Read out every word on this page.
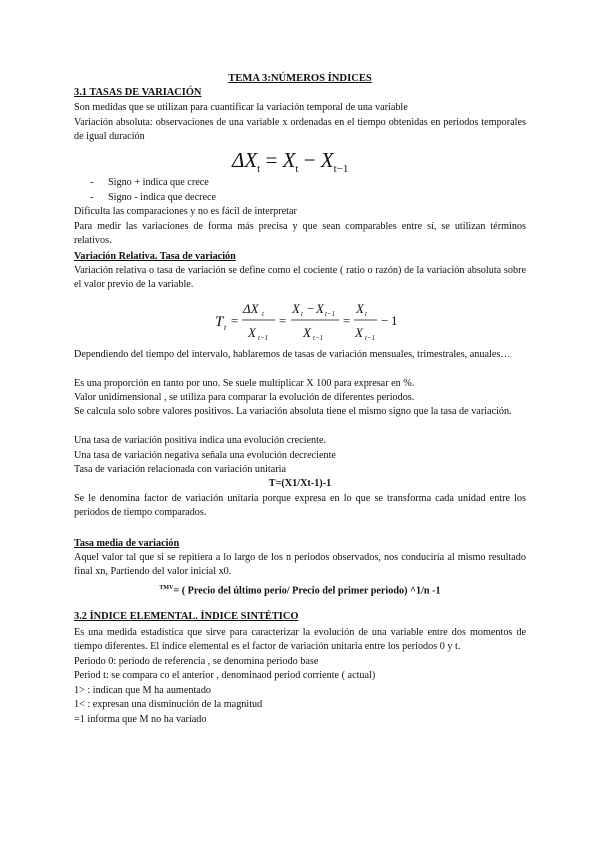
TEMA 3:NÚMEROS ÍNDICES
3.1 TASAS DE VARIACIÓN
Son medidas que se utilizan para cuantificar la variación temporal de una variable
Variación absoluta: observaciones de una variable x ordenadas en el tiempo obtenidas en periodos temporales de igual duración
$\Delta X_t = X_t - X_{t-1}$
- Signo + indica que crece
- Signo - indica que decrece
Dificulta las comparaciones y no es fácil de interpretar
Para medir las variaciones de forma más precisa y que sean comparables entre sí, se utilizan términos relativos.
Variación Relativa. Tasa de variación
Variación relativa o tasa de variación se define como el cociente ( ratio o razón) de la variación absoluta sobre el valor previo de la variable.
T t =
ΔX t
X t−1
=
X t − X t−1
X t−1
=
X t
X t−1
− 1
Dependiendo del tiempo del intervalo, hablaremos de tasas de variación mensuales, trimestrales, anuales…
Es una proporción en tanto por uno. Se suele multiplicar X 100 para expresar en %.
Valor unidimensional , se utiliza para comparar la evolución de diferentes periodos.
Se calcula solo sobre valores positivos. La variación absoluta tiene el mismo signo que la tasa de variación.
Una tasa de variación positiva indica una evolución creciente.
Una tasa de variación negativa señala una evolución decreciente
Tasa de variación relacionada con variación unitaria
T=(X1/Xt-1)-1
Se le denomina factor de variación unitaria porque expresa en lo que se transforma cada unidad entre los periodos de tiempo comparados.
Tasa media de variación
Aquel valor tal que si se repitiera a lo largo de los n periodos observados, nos conduciría al mismo resultado final xn, Partiendo del valor inicial x0.
$^{TMV}$= ( Precio del último perio/ Precio del primer periodo) ^1/n -1
3.2 ÍNDICE ELEMENTAL. ÍNDICE SINTÉTICO
Es una medida estadística que sirve para caracterizar la evolución de una variable entre dos momentos de tiempo diferentes. El índice elemental es el factor de variación unitaria entre los periodos 0 y t.
Periodo 0: periodo de referencia , se denomina periodo base
Period t: se compara co el anterior , denominaod period corriente ( actual)
1> : indican que M ha aumentado
1< : expresan una disminución de la magnitud
=1 informa que M no ha variado
